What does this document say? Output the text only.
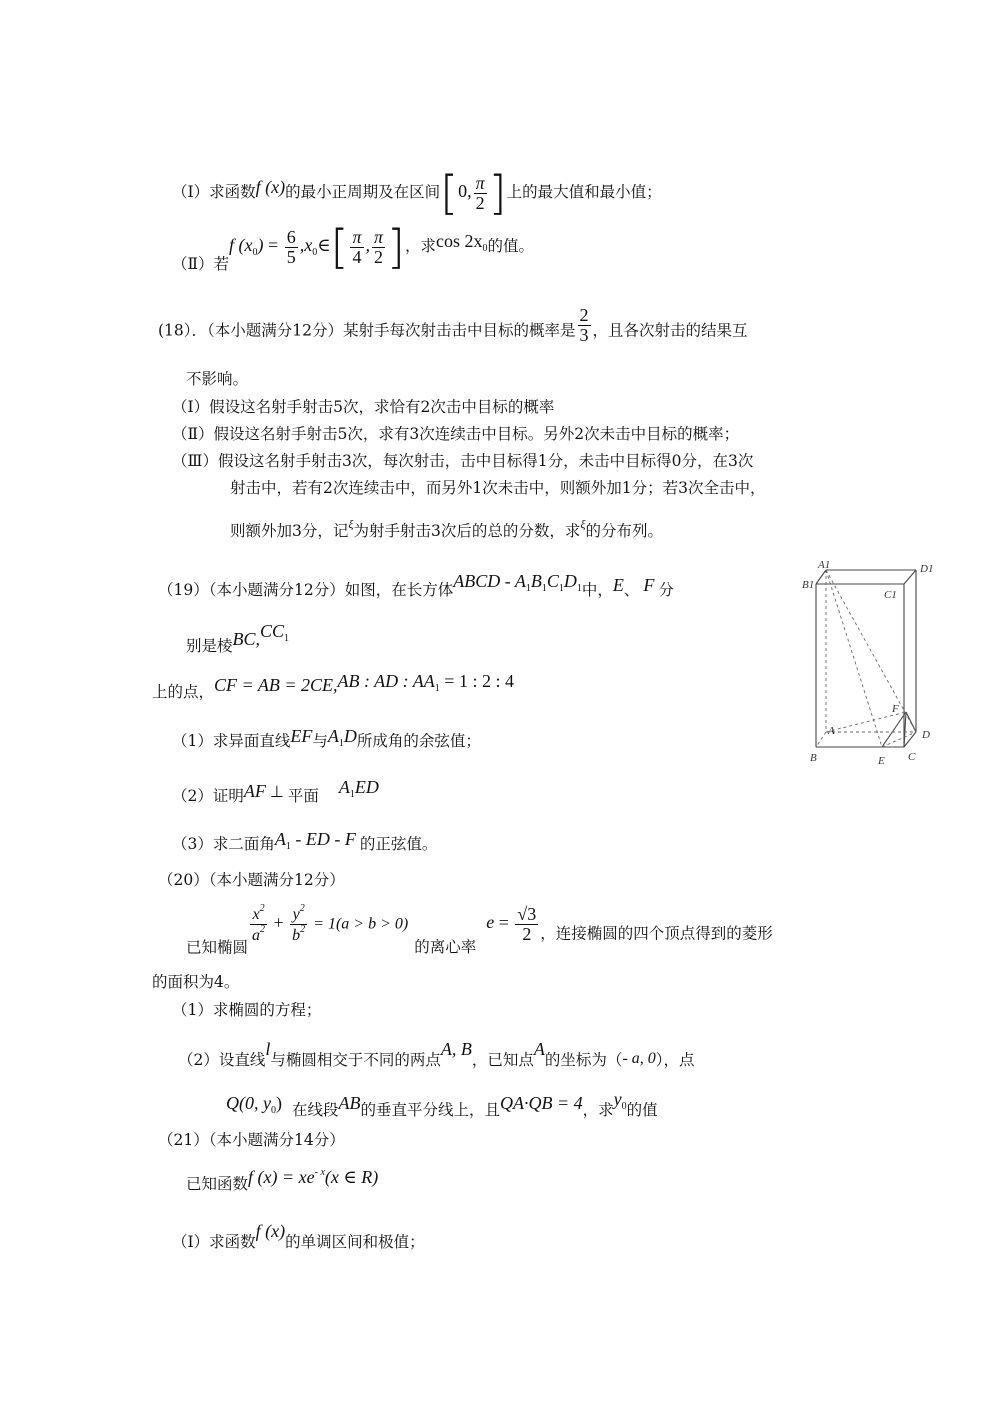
（Ⅰ）求函数f (x)的最小正周期及在区间[0, $\frac{\pi}{2}$ ]上的最大值和最小值；
（Ⅱ）若f $(x_0) = \frac{6}{5}$ $,x_0\in[ \frac{\pi}{4}$ , $\frac{\pi}{2}$ ]，求$\cos 2x_0$的值。
(18）．（本小题满分12分）某射手每次射击击中目标的概率是 $\frac{2}{3}$ ，且各次射击的结果互
不影响。
（Ⅰ）假设这名射手射击5次，求恰有2次击中目标的概率
（Ⅱ）假设这名射手射击5次，求有3次连续击中目标。另外2次未击中目标的概率；
（Ⅲ）假设这名射手射击3次，每次射击，击中目标得1分，未击中目标得0分，在3次
射击中，若有2次连续击中，而另外1次未击中，则额外加1分；若3次全击中，
则额外加3分，记$^\xi$为射手射击3次后的总的分数，求$^\xi$的分布列。
（19）（本小题满分12分）如图，在长方体ABCD - $A_1B_1C_1D_1$中，E、 F 分
别是棱$BC,CC_1$
上的点，CF = AB = 2CE,AB : AD : $AA_1 = 1$ : 2 : 4
（1）求异面直线EF与$A_1D$所成角的余弦值；
（2）证明AF ⊥ 平面 $A_1ED$
（3）求二面角$A_1$ - ED - F 的正弦值。
A1	D1
B1
C1
A	D
B	E C
F
（20）（本小题满分12分）
已知椭圆
$\frac{x^2}{a^2} + \frac{y^2}{b^2} = 1(a > b > 0)$的离心率$e = \frac{√3}{2}$ ，连接椭圆的四个顶点得到的菱形
的面积为4。
（1）求椭圆的方程；
（2）设直线l与椭圆相交于不同的两点A, B，已知点A的坐标为（- a, 0），点
Q(0, $y_0$) 在线段AB的垂直平分线上，且QA·QB = 4，求$y_0$的值
（21）（本小题满分14分）
已知函数f $(x) = xe^{- x}(x$ ∈ R)
（Ⅰ）求函数f (x)的单调区间和极值；
